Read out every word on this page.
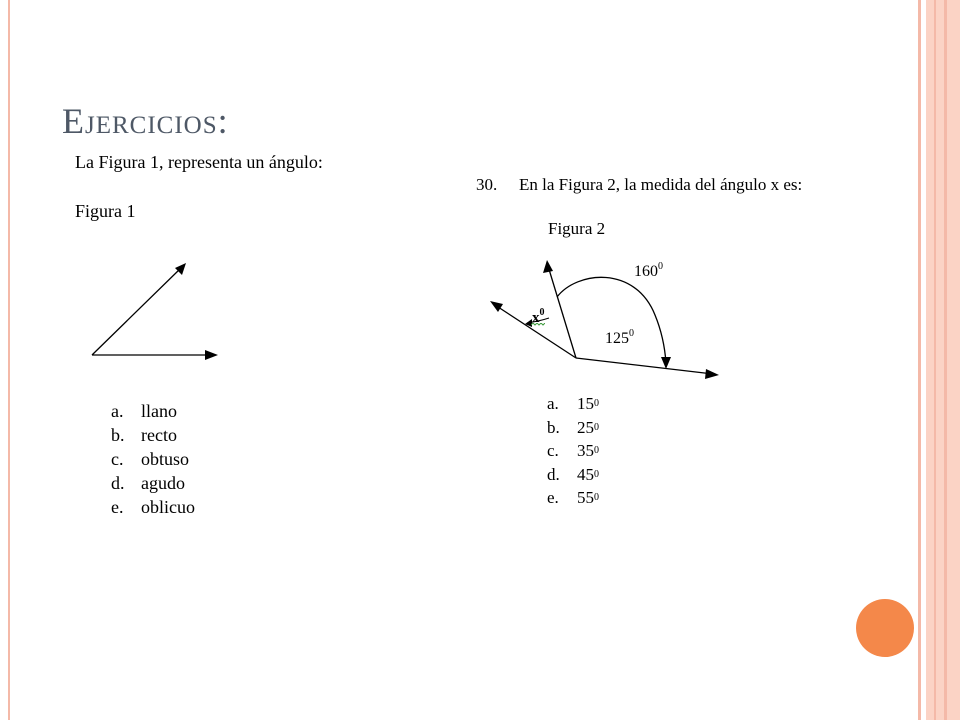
Ejercicios:
La Figura 1, representa un ángulo:
Figura 1
a. llano
b. recto
c. obtuso
d. agudo
e. oblicuo
30. En la Figura 2, la medida del ángulo x es:
Figura 2
$160^0$
$125^0$
$x^0$
a.	15 0
b.	25 0
c.	35 0
d.	45 0
e.	55 0
